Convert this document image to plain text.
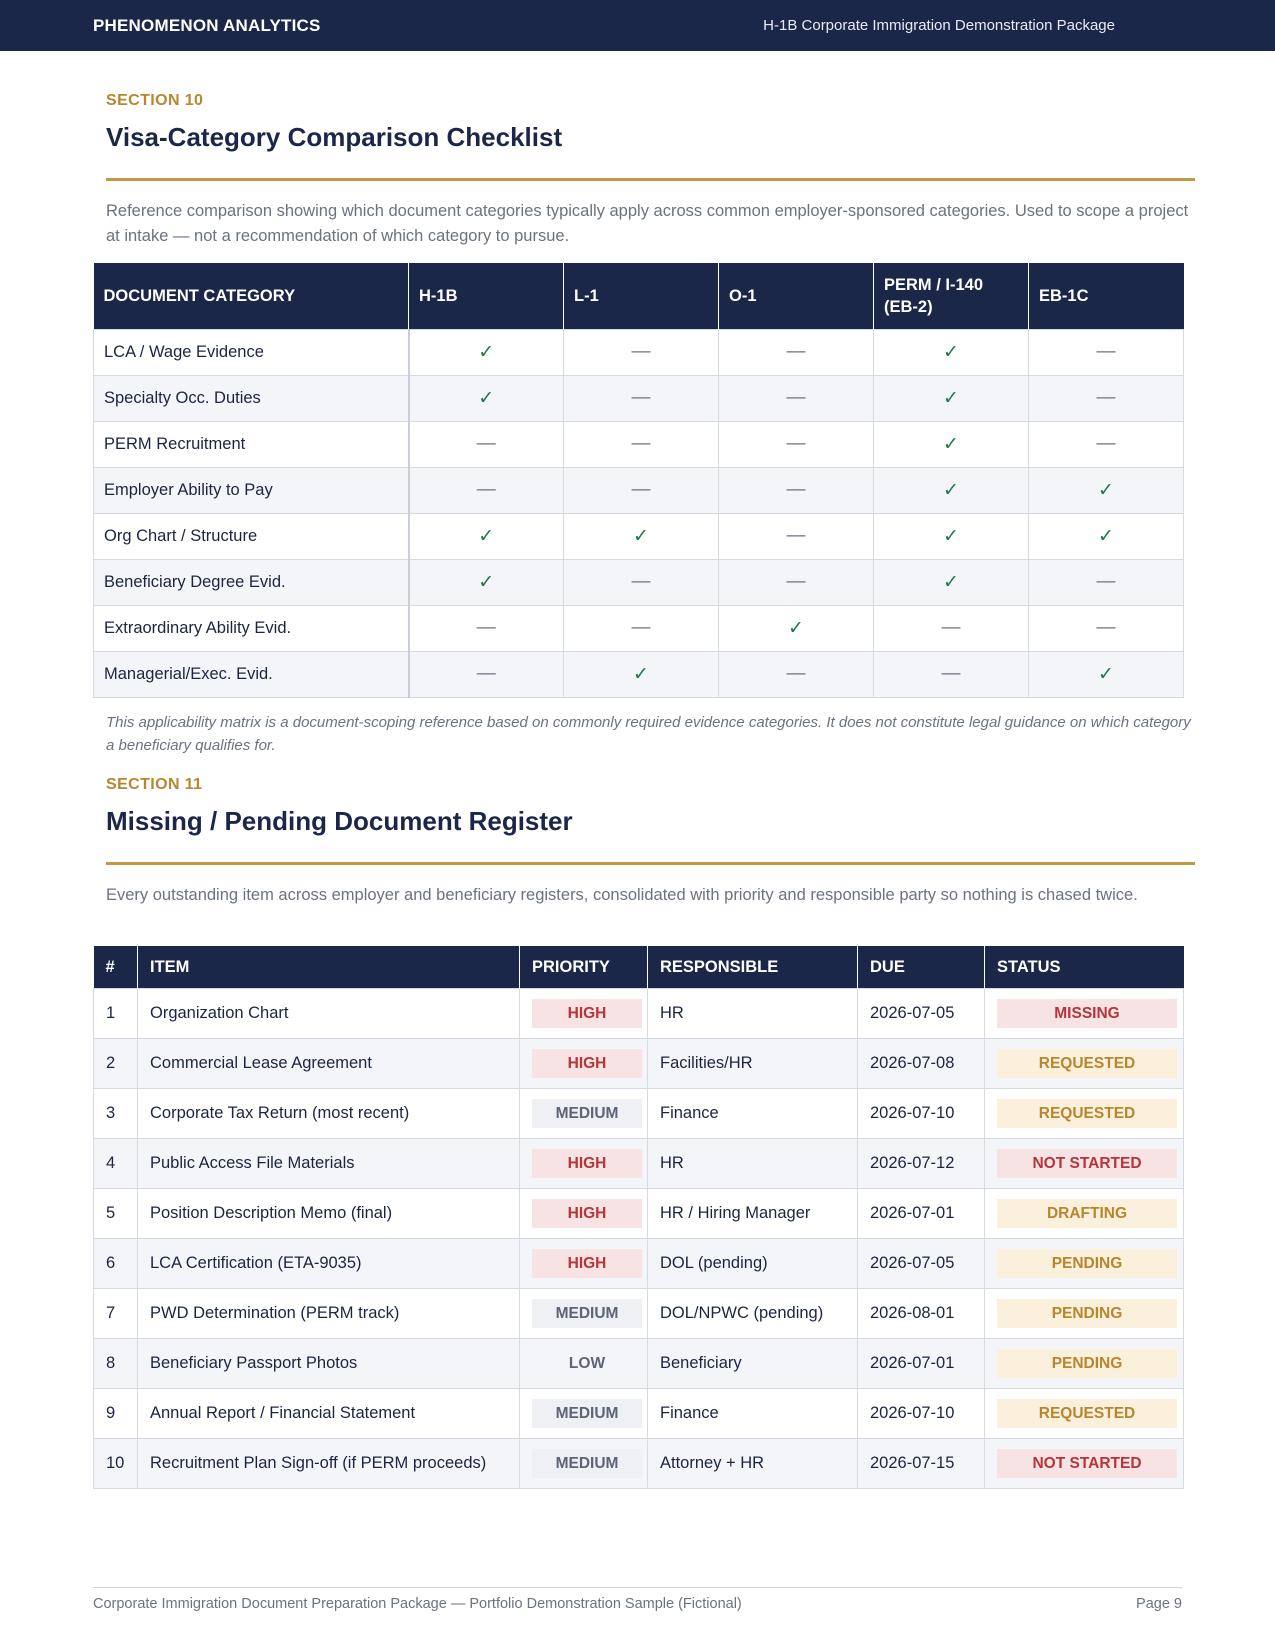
PHENOMENON ANALYTICS	H-1B Corporate Immigration Demonstration Package
SECTION 10
Visa-Category Comparison Checklist
Reference comparison showing which document categories typically apply across common employer-sponsored categories. Used to scope a project at intake — not a recommendation of which category to pursue.
DOCUMENT CATEGORY	H-1B	L-1	O-1	PERM / I-140 (EB-2)	EB-1C
LCA / Wage Evidence	✓	—	—	✓	—
Specialty Occ. Duties	✓	—	—	✓	—
PERM Recruitment	—	—	—	✓	—
Employer Ability to Pay	—	—	—	✓	✓
Org Chart / Structure	✓	✓	—	✓	✓
Beneficiary Degree Evid.	✓	—	—	✓	—
Extraordinary Ability Evid.	—	—	✓	—	—
Managerial/Exec. Evid.	—	✓	—	—	✓
This applicability matrix is a document-scoping reference based on commonly required evidence categories. It does not constitute legal guidance on which category a beneficiary qualifies for.
SECTION 11
Missing / Pending Document Register
Every outstanding item across employer and beneficiary registers, consolidated with priority and responsible party so nothing is chased twice.
#	ITEM	PRIORITY	RESPONSIBLE	DUE	STATUS
1	Organization Chart	HIGH	HR	2026-07-05	MISSING

2	Commercial Lease Agreement	HIGH	Facilities/HR	2026-07-08	REQUESTED

3	Corporate Tax Return (most recent)	MEDIUM	Finance	2026-07-10	REQUESTED

4	Public Access File Materials	HIGH	HR	2026-07-12	NOT STARTED

5	Position Description Memo (final)	HIGH	HR / Hiring Manager	2026-07-01	DRAFTING

6	LCA Certification (ETA-9035)	HIGH	DOL (pending)	2026-07-05	PENDING

7	PWD Determination (PERM track)	MEDIUM	DOL/NPWC (pending)	2026-08-01	PENDING

8	Beneficiary Passport Photos	LOW	Beneficiary	2026-07-01	PENDING

9	Annual Report / Financial Statement	MEDIUM	Finance	2026-07-10	REQUESTED

10	Recruitment Plan Sign-off (if PERM proceeds)	MEDIUM	Attorney + HR	2026-07-15	NOT STARTED
Corporate Immigration Document Preparation Package — Portfolio Demonstration Sample (Fictional)	Page 9
